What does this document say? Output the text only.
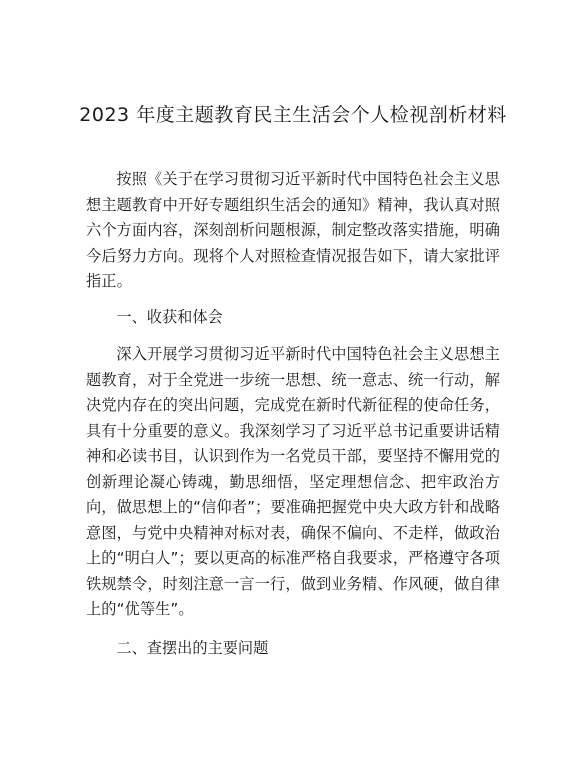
2023 年度主题教育民主生活会个人检视剖析材料

按照《关于在学习贯彻习近平新时代中国特色社会主义思想主题教育中开好专题组织生活会的通知》精神，我认真对照六个方面内容，深刻剖析问题根源，制定整改落实措施，明确今后努力方向。现将个人对照检查情况报告如下，请大家批评指正。

一、收获和体会

深入开展学习贯彻习近平新时代中国特色社会主义思想主题教育，对于全党进一步统一思想、统一意志、统一行动，解决党内存在的突出问题，完成党在新时代新征程的使命任务，具有十分重要的意义。我深刻学习了习近平总书记重要讲话精神和必读书目，认识到作为一名党员干部，要坚持不懈用党的创新理论凝心铸魂，勤思细悟，坚定理想信念、把牢政治方向，做思想上的“信仰者”；要准确把握党中央大政方针和战略意图，与党中央精神对标对表，确保不偏向、不走样，做政治上的“明白人”；要以更高的标准严格自我要求，严格遵守各项铁规禁令，时刻注意一言一行，做到业务精、作风硬，做自律上的“优等生”。

二、查摆出的主要问题
